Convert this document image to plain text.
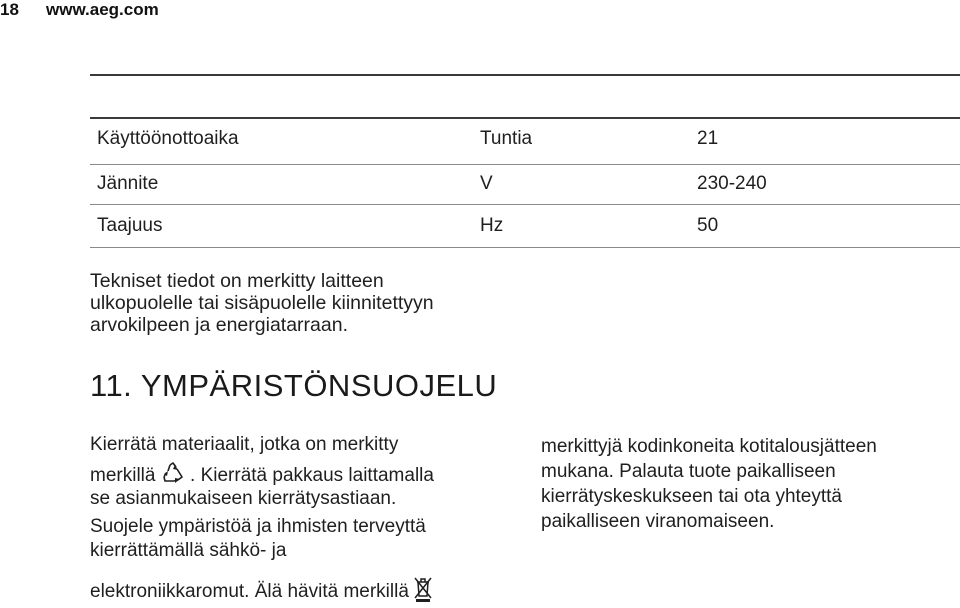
18 www.aeg.com
Käyttöönottoaika	Tuntia	21
Jännite	V	230-240
Taajuus	Hz	50
Tekniset tiedot on merkitty laitteen
ulkopuolelle tai sisäpuolelle kiinnitettyyn
arvokilpeen ja energiatarraan.
11. YMPÄRISTÖNSUOJELU
Kierrätä materiaalit, jotka on merkitty
merkillä . Kierrätä pakkaus laittamalla
se asianmukaiseen kierrätysastiaan.
Suojele ympäristöä ja ihmisten terveyttä
kierrättämällä sähkö- ja
elektroniikkaromut. Älä hävitä merkillä
merkittyjä kodinkoneita kotitalousjätteen
mukana. Palauta tuote paikalliseen
kierrätyskeskukseen tai ota yhteyttä
paikalliseen viranomaiseen.
